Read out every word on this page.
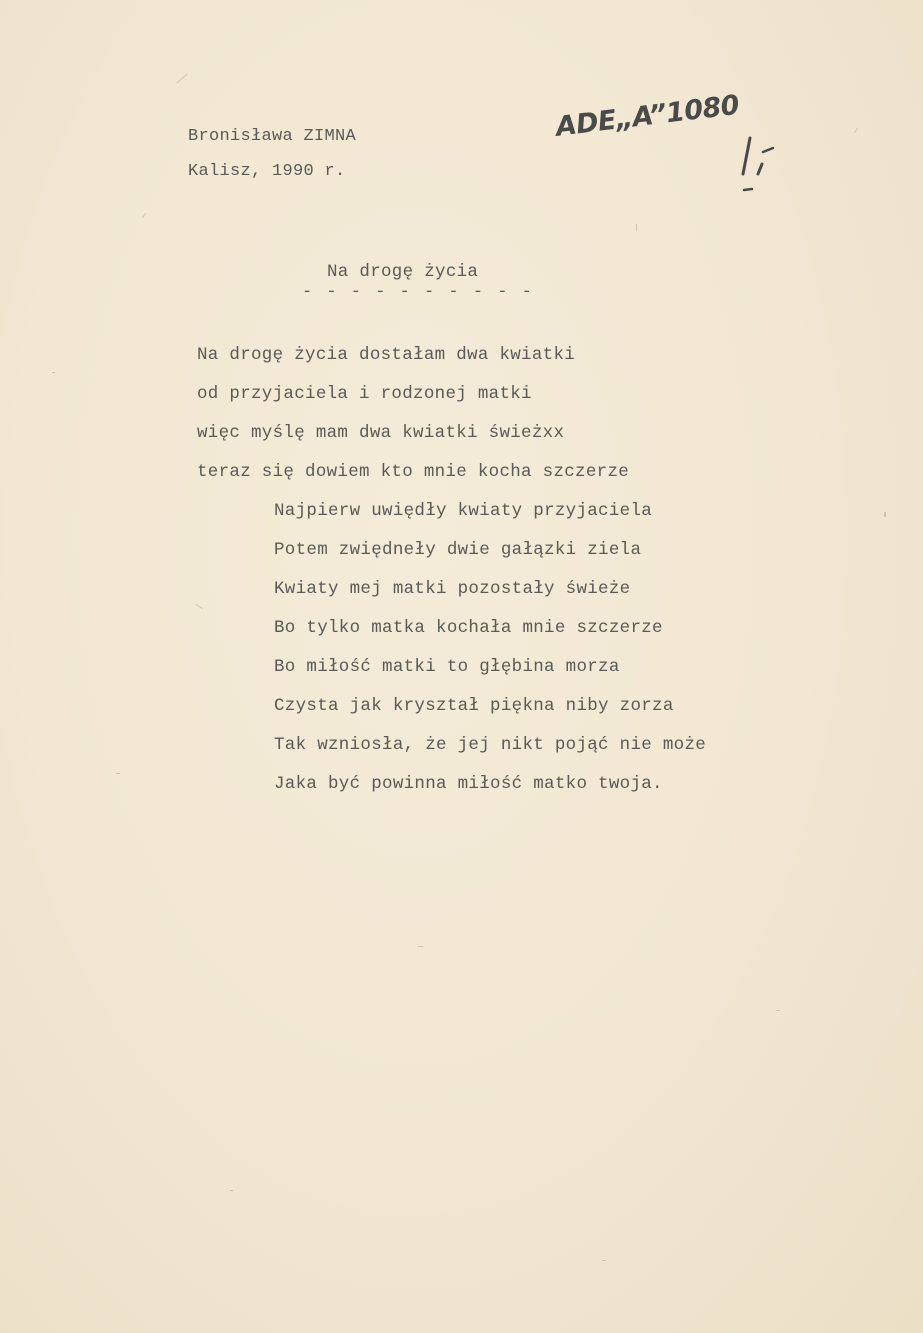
Bronisława ZIMNA
Kalisz, 1990 r.
ADE„A”1080
Na drogę życia
- - - - - - - - - -
Na drogę życia dostałam dwa kwiatki
od przyjaciela i rodzonej matki
więc myślę mam dwa kwiatki świeżxx
teraz się dowiem kto mnie kocha szczerze
Najpierw uwiędły kwiaty przyjaciela
Potem zwiędneły dwie gałązki ziela
Kwiaty mej matki pozostały świeże
Bo tylko matka kochała mnie szczerze
Bo miłość matki to głębina morza
Czysta jak kryształ piękna niby zorza
Tak wzniosła, że jej nikt pojąć nie może
Jaka być powinna miłość matko twoja.
